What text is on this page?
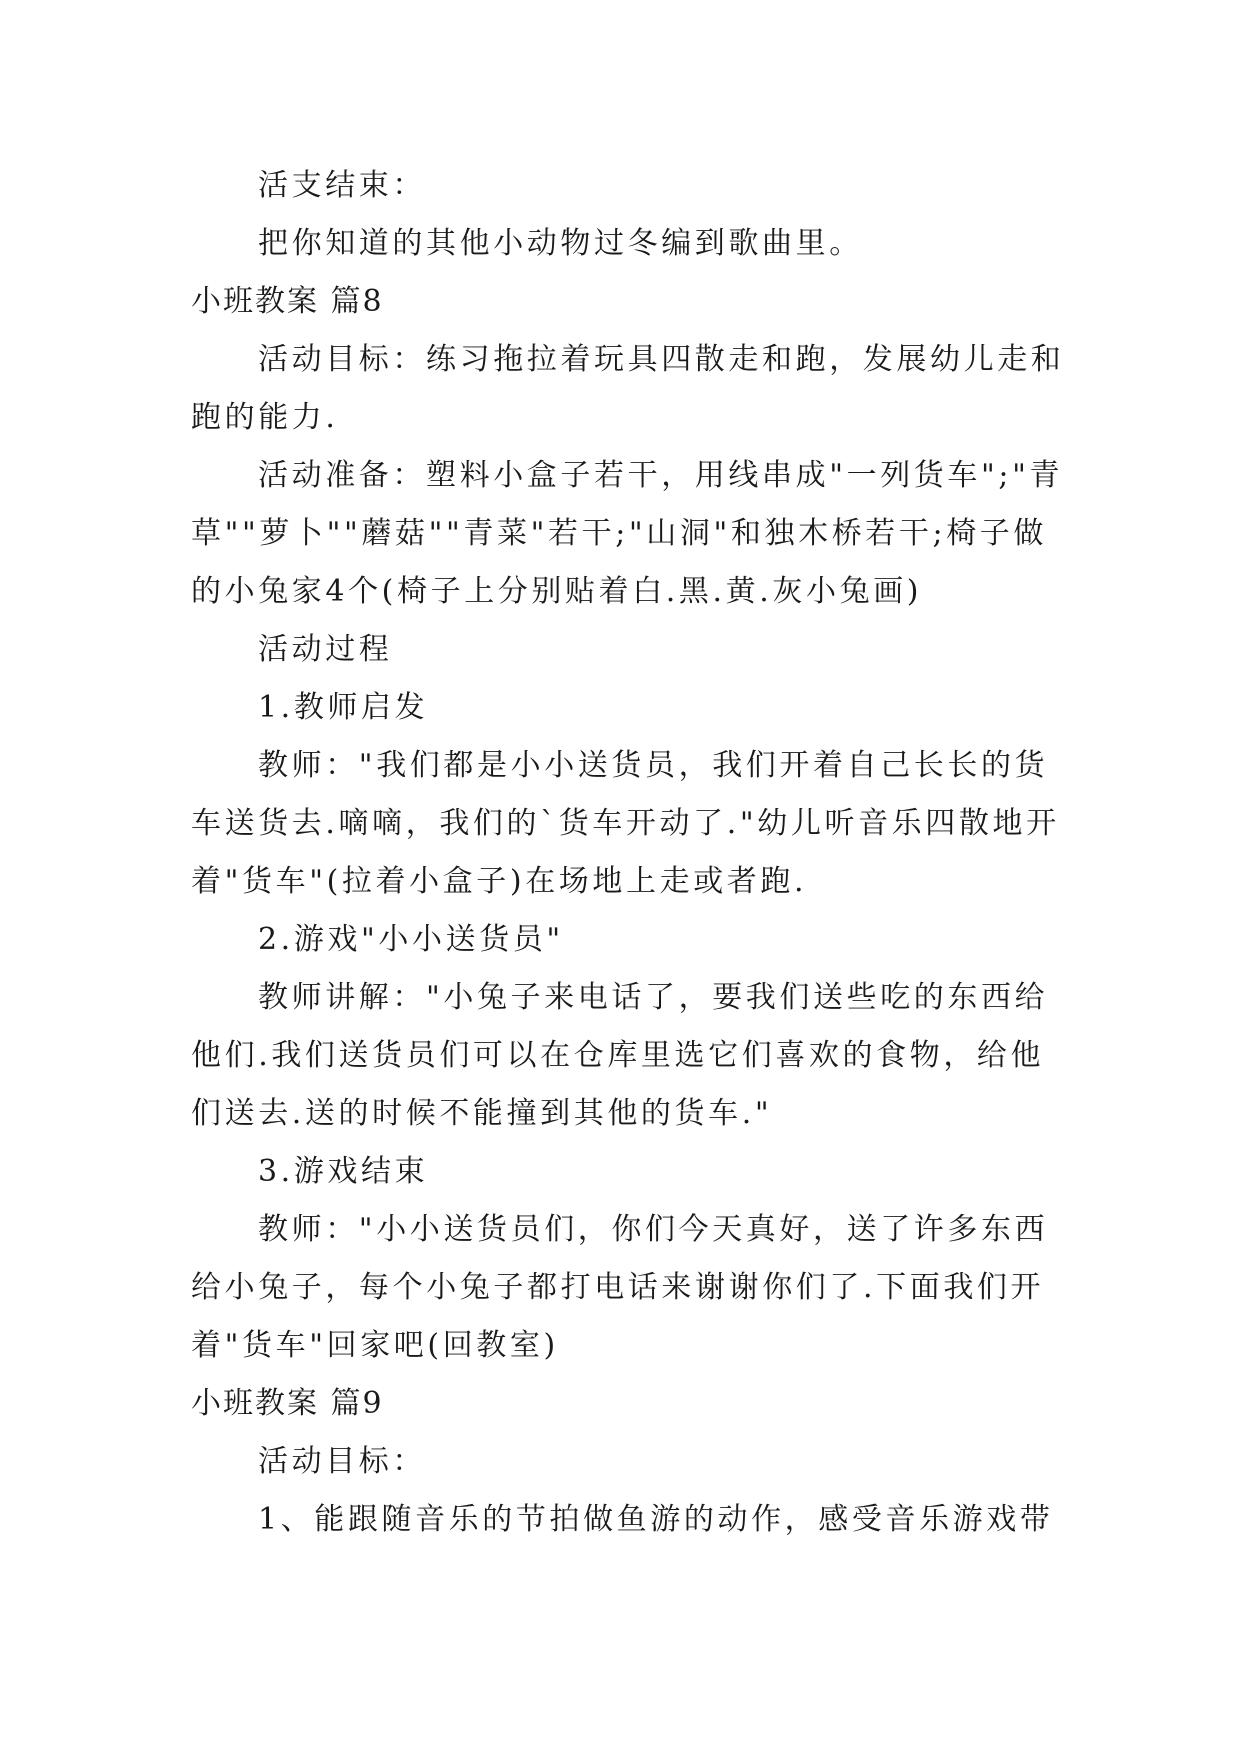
活支结束：
把你知道的其他小动物过冬编到歌曲里。
小班教案 篇8
活动目标：练习拖拉着玩具四散走和跑，发展幼儿走和
跑的能力.
活动准备：塑料小盒子若干，用线串成"一列货车";"青
草""萝卜""蘑菇""青菜"若干;"山洞"和独木桥若干;椅子做
的小兔家4个(椅子上分别贴着白.黑.黄.灰小兔画)
活动过程
1.教师启发
教师："我们都是小小送货员，我们开着自己长长的货
车送货去.嘀嘀，我们的`货车开动了."幼儿听音乐四散地开
着"货车"(拉着小盒子)在场地上走或者跑.
2.游戏"小小送货员"
教师讲解："小兔子来电话了，要我们送些吃的东西给
他们.我们送货员们可以在仓库里选它们喜欢的食物，给他
们送去.送的时候不能撞到其他的货车."
3.游戏结束
教师："小小送货员们，你们今天真好，送了许多东西
给小兔子，每个小兔子都打电话来谢谢你们了.下面我们开
着"货车"回家吧(回教室)
小班教案 篇9
活动目标：
1、能跟随音乐的节拍做鱼游的动作，感受音乐游戏带
